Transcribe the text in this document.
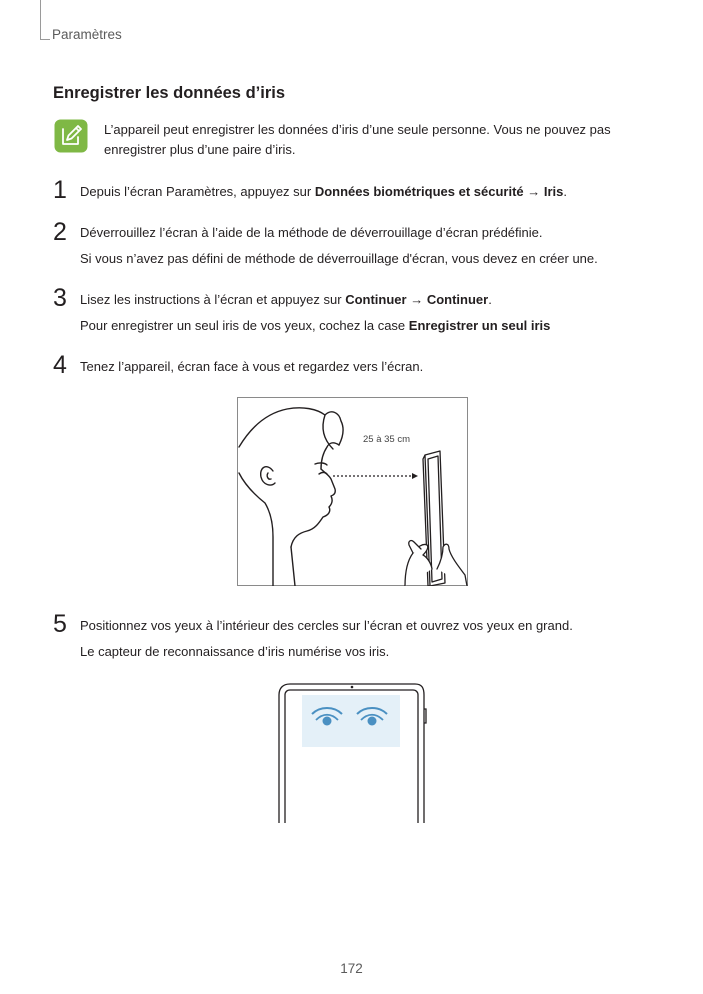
Paramètres
Enregistrer les données d’iris
L’appareil peut enregistrer les données d’iris d’une seule personne. Vous ne pouvez pas
enregistrer plus d’une paire d’iris.
1 Depuis l’écran Paramètres, appuyez sur Données biométriques et sécurité → Iris.
2 Déverrouillez l’écran à l’aide de la méthode de déverrouillage d’écran prédéfinie.
Si vous n’avez pas défini de méthode de déverrouillage d'écran, vous devez en créer une.
3 Lisez les instructions à l’écran et appuyez sur Continuer → Continuer.
Pour enregistrer un seul iris de vos yeux, cochez la case Enregistrer un seul iris
4 Tenez l’appareil, écran face à vous et regardez vers l’écran.
25 à 35 cm
5 Positionnez vos yeux à l’intérieur des cercles sur l’écran et ouvrez vos yeux en grand.
Le capteur de reconnaissance d’iris numérise vos iris.
172
